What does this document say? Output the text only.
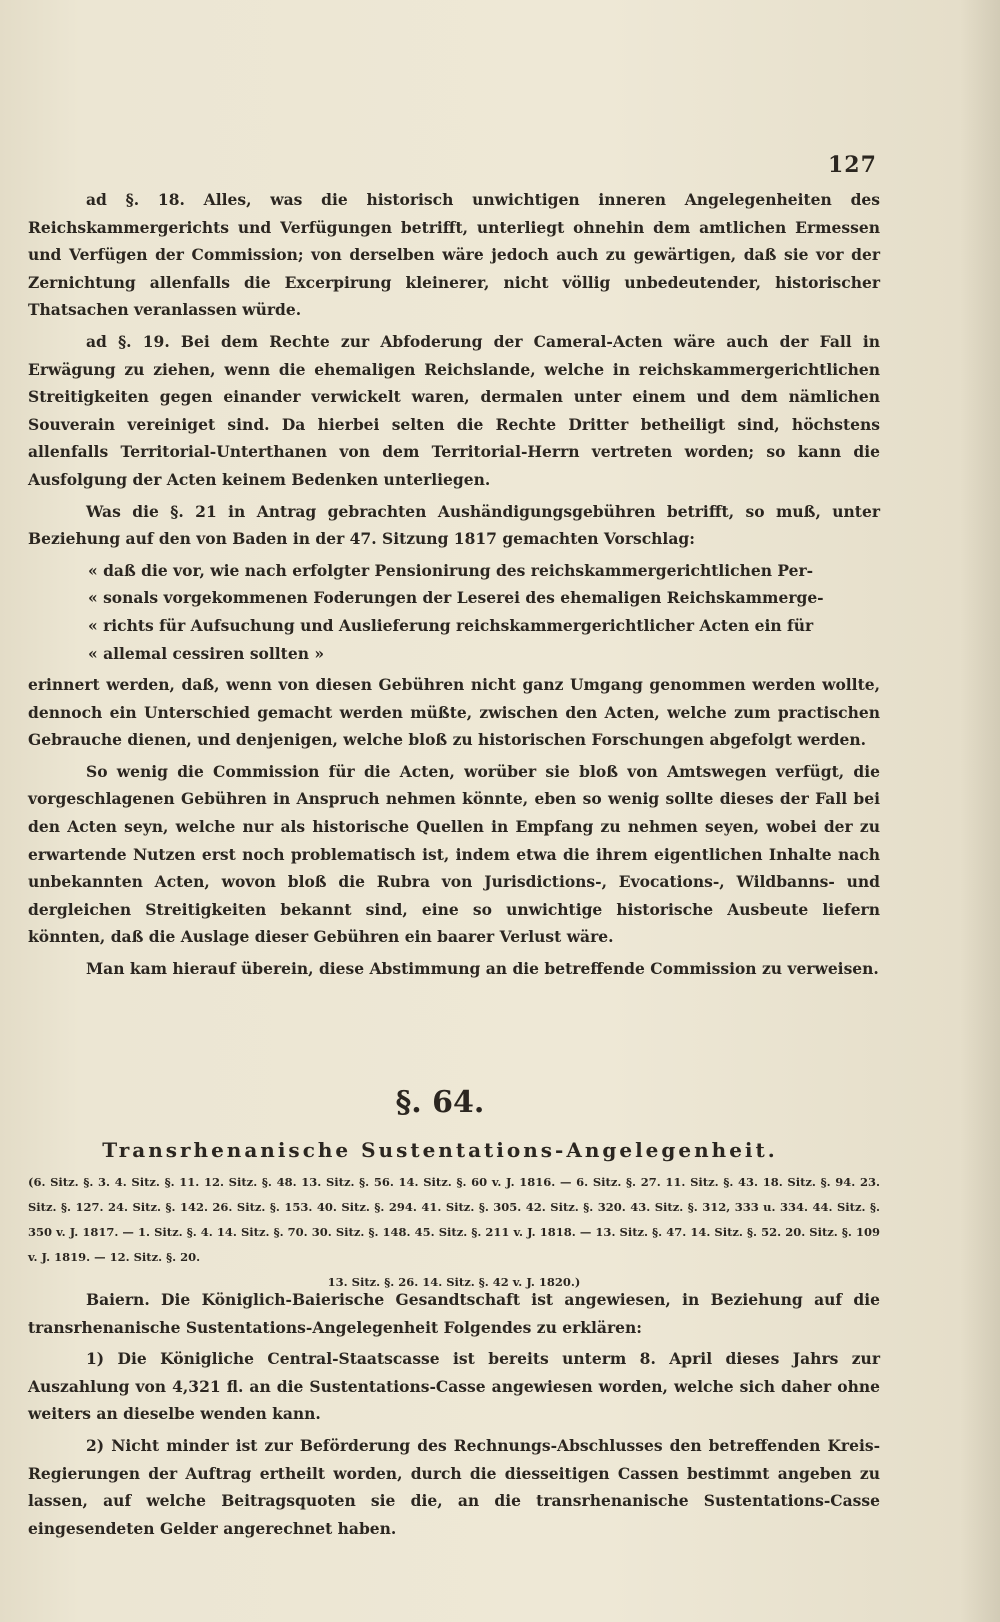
127

ad §. 18. Alles, was die historisch unwichtigen inneren Angelegenheiten des Reichskammergerichts und Verfügungen betrifft, unterliegt ohnehin dem amtlichen Ermessen und Verfügen der Commission; von derselben wäre jedoch auch zu gewärtigen, daß sie vor der Zernichtung allenfalls die Excerpirung kleinerer, nicht völlig unbedeutender, historischer Thatsachen veranlassen würde.

ad §. 19. Bei dem Rechte zur Abfoderung der Cameral-Acten wäre auch der Fall in Erwägung zu ziehen, wenn die ehemaligen Reichslande, welche in reichskammergerichtlichen Streitigkeiten gegen einander verwickelt waren, dermalen unter einem und dem nämlichen Souverain vereiniget sind. Da hierbei selten die Rechte Dritter betheiligt sind, höchstens allenfalls Territorial-Unterthanen von dem Territorial-Herrn vertreten worden; so kann die Ausfolgung der Acten keinem Bedenken unterliegen.

Was die §. 21 in Antrag gebrachten Aushändigungsgebühren betrifft, so muß, unter Beziehung auf den von Baden in der 47. Sitzung 1817 gemachten Vorschlag:

« daß die vor, wie nach erfolgter Pensionirung des reichskammergerichtlichen Per-
« sonals vorgekommenen Foderungen der Leserei des ehemaligen Reichskammerge-
« richts für Aufsuchung und Auslieferung reichskammergerichtlicher Acten ein für
« allemal cessiren sollten »

erinnert werden, daß, wenn von diesen Gebühren nicht ganz Umgang genommen werden wollte, dennoch ein Unterschied gemacht werden müßte, zwischen den Acten, welche zum practischen Gebrauche dienen, und denjenigen, welche bloß zu historischen Forschungen abgefolgt werden.

So wenig die Commission für die Acten, worüber sie bloß von Amtswegen verfügt, die vorgeschlagenen Gebühren in Anspruch nehmen könnte, eben so wenig sollte dieses der Fall bei den Acten seyn, welche nur als historische Quellen in Empfang zu nehmen seyen, wobei der zu erwartende Nutzen erst noch problematisch ist, indem etwa die ihrem eigentlichen Inhalte nach unbekannten Acten, wovon bloß die Rubra von Jurisdictions-, Evocations-, Wildbanns- und dergleichen Streitigkeiten bekannt sind, eine so unwichtige historische Ausbeute liefern könnten, daß die Auslage dieser Gebühren ein baarer Verlust wäre.

Man kam hierauf überein, diese Abstimmung an die betreffende Commission zu verweisen.

§. 64.
Transrhenanische Sustentations-Angelegenheit.
(6. Sitz. §. 3. 4. Sitz. §. 11. 12. Sitz. §. 48. 13. Sitz. §. 56. 14. Sitz. §. 60 v. J. 1816. — 6. Sitz. §. 27. 11. Sitz. §. 43. 18. Sitz. §. 94. 23. Sitz. §. 127. 24. Sitz. §. 142. 26. Sitz. §. 153. 40. Sitz. §. 294. 41. Sitz. §. 305. 42. Sitz. §. 320. 43. Sitz. §. 312, 333 u. 334. 44. Sitz. §. 350 v. J. 1817. — 1. Sitz. §. 4. 14. Sitz. §. 70. 30. Sitz. §. 148. 45. Sitz. §. 211 v. J. 1818. — 13. Sitz. §. 47. 14. Sitz. §. 52. 20. Sitz. §. 109 v. J. 1819. — 12. Sitz. §. 20.
13. Sitz. §. 26. 14. Sitz. §. 42 v. J. 1820.)

Baiern. Die Königlich-Baierische Gesandtschaft ist angewiesen, in Beziehung auf die transrhenanische Sustentations-Angelegenheit Folgendes zu erklären:

1) Die Königliche Central-Staatscasse ist bereits unterm 8. April dieses Jahrs zur Auszahlung von 4,321 fl. an die Sustentations-Casse angewiesen worden, welche sich daher ohne weiters an dieselbe wenden kann.

2) Nicht minder ist zur Beförderung des Rechnungs-Abschlusses den betreffenden Kreis-Regierungen der Auftrag ertheilt worden, durch die diesseitigen Cassen bestimmt angeben zu lassen, auf welche Beitragsquoten sie die, an die transrhenanische Sustentations-Casse eingesendeten Gelder angerechnet haben.
